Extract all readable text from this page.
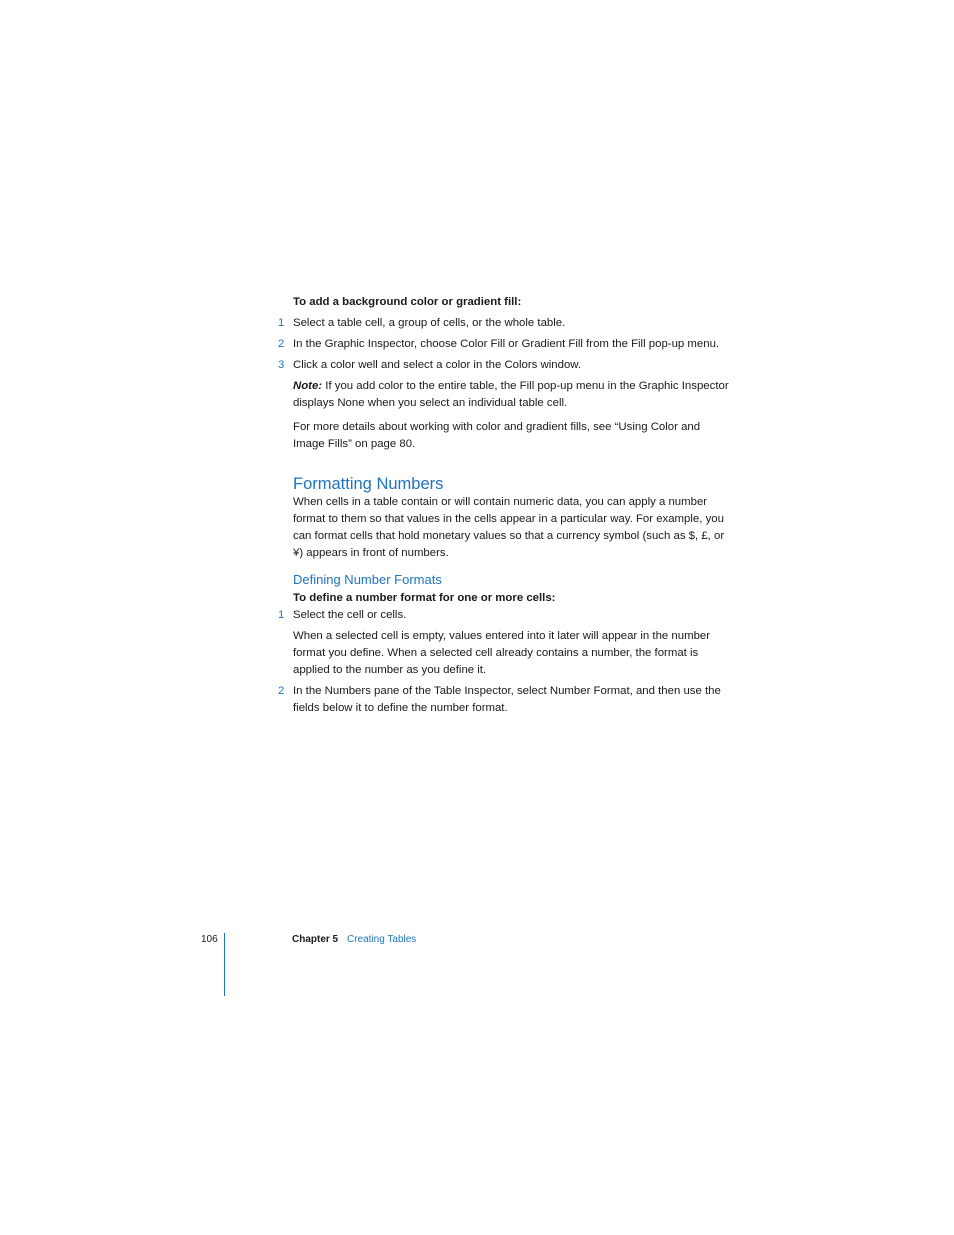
To add a background color or gradient fill:

1 Select a table cell, a group of cells, or the whole table.

2 In the Graphic Inspector, choose Color Fill or Gradient Fill from the Fill pop-up menu.

3 Click a color well and select a color in the Colors window.

Note: If you add color to the entire table, the Fill pop-up menu in the Graphic Inspector displays None when you select an individual table cell.

For more details about working with color and gradient fills, see “Using Color and Image Fills” on page 80.

Formatting Numbers

When cells in a table contain or will contain numeric data, you can apply a number format to them so that values in the cells appear in a particular way. For example, you can format cells that hold monetary values so that a currency symbol (such as $, £, or ¥) appears in front of numbers.

Defining Number Formats

To define a number format for one or more cells:

1 Select the cell or cells.

When a selected cell is empty, values entered into it later will appear in the number format you define. When a selected cell already contains a number, the format is applied to the number as you define it.

2 In the Numbers pane of the Table Inspector, select Number Format, and then use the fields below it to define the number format.

106	Chapter 5 Creating Tables
